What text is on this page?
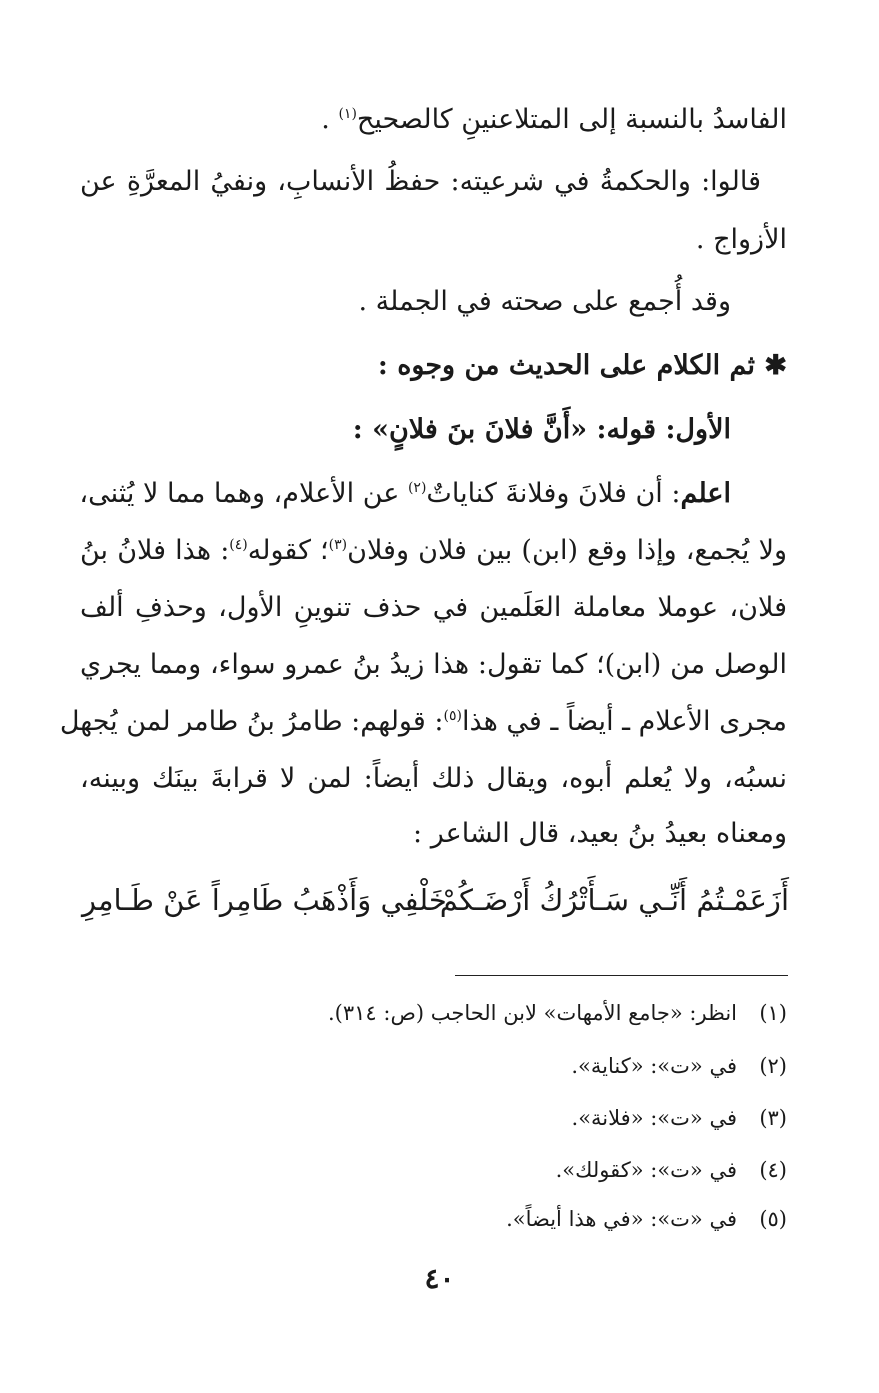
الفاسدُ بالنسبة إلى المتلاعنينِ كالصحيح$^{(١)}$ .
قالوا: والحكمةُ في شرعيته: حفظُ الأنسابِ، ونفيُ المعرَّةِ عن
الأزواج .
وقد أُجمع على صحته في الجملة .
✱ ثم الكلام على الحديث من وجوه :
الأول: قوله: «أَنَّ فلانَ بنَ فلانٍ» :
اعلم: أن فلانَ وفلانةَ كناياتٌ$^{(٢)}$ عن الأعلام، وهما مما لا يُثنى،
ولا يُجمع، وإذا وقع (ابن) بين فلان وفلان$^{(٣)}$؛ كقوله$^{(٤)}$: هذا فلانُ بنُ
فلان، عوملا معاملة العَلَمين في حذف تنوينِ الأول، وحذفِ ألف
الوصل من (ابن)؛ كما تقول: هذا زيدُ بنُ عمرو سواء، ومما يجري
مجرى الأعلام ـ أيضاً ـ في هذا$^{(٥)}$: قولهم: طامرُ بنُ طامر لمن يُجهل
نسبُه، ولا يُعلم أبوه، ويقال ذلك أيضاً: لمن لا قرابةَ بينَك وبينه،
ومعناه بعيدُ بنُ بعيد، قال الشاعر :
أَزَعَمْـتُمُ أَنِّـي سَـأَتْرُكُ أَرْضَـكُمْ
خَلْفِي وَأَذْهَبُ طَامِراً عَنْ طَـامِرِ
(١)انظر: «جامع الأمهات» لابن الحاجب (ص: ٣١٤).
(٢)في «ت»: «كناية».
(٣)في «ت»: «فلانة».
(٤)في «ت»: «كقولك».
(٥)في «ت»: «في هذا أيضاً».
٤٠
